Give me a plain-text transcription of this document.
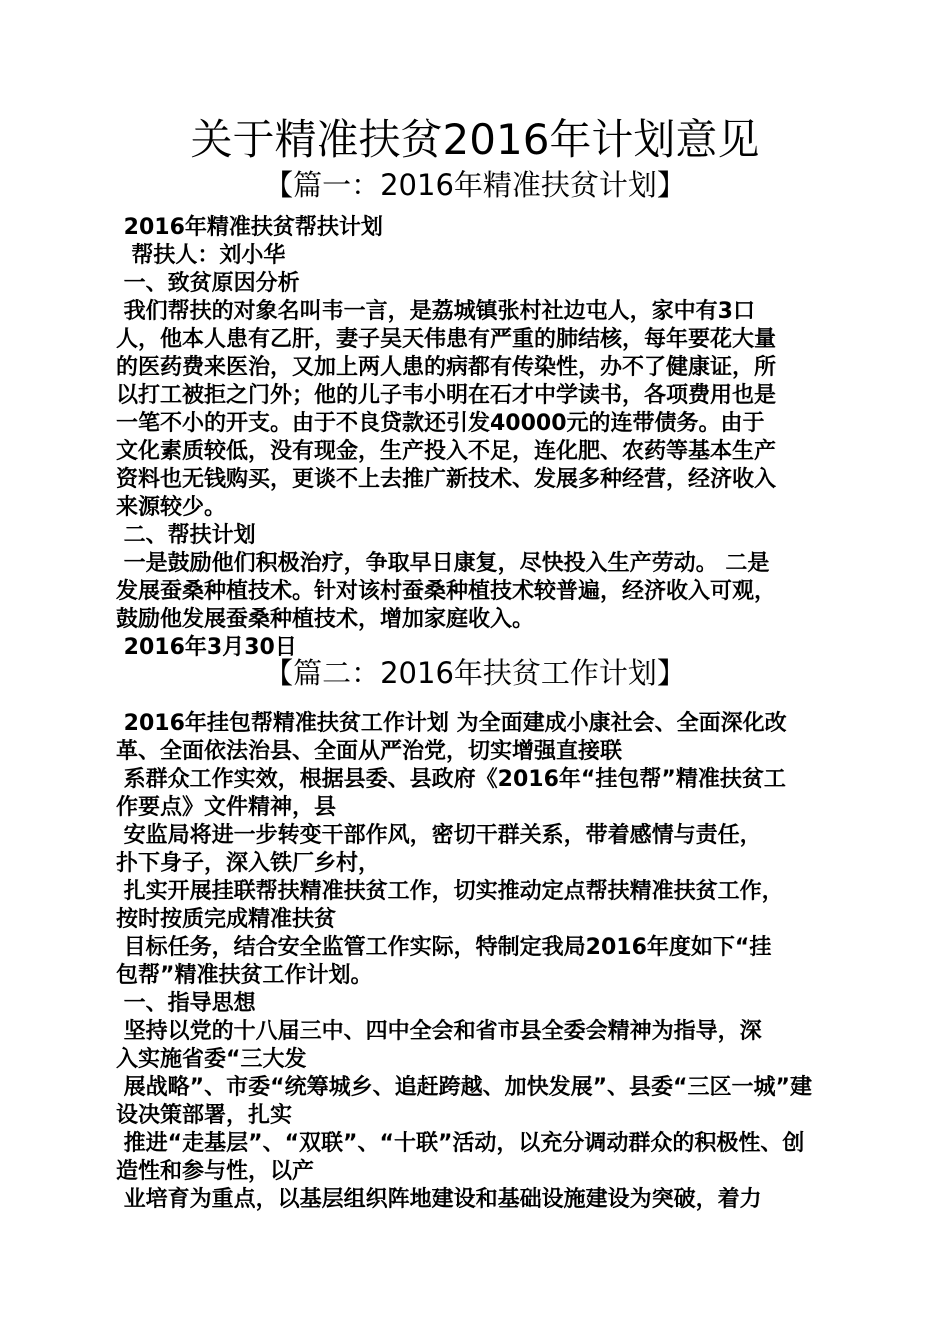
关于精准扶贫2016年计划意见
【篇一：2016年精准扶贫计划】

2016年精准扶贫帮扶计划

帮扶人：刘小华

一、致贫原因分析

我们帮扶的对象名叫韦一言，是荔城镇张村社边屯人，家中有3口

人，他本人患有乙肝，妻子吴天伟患有严重的肺结核，每年要花大量

的医药费来医治，又加上两人患的病都有传染性，办不了健康证，所

以打工被拒之门外；他的儿子韦小明在石才中学读书，各项费用也是

一笔不小的开支。由于不良贷款还引发40000元的连带债务。由于

文化素质较低，没有现金，生产投入不足，连化肥、农药等基本生产

资料也无钱购买，更谈不上去推广新技术、发展多种经营，经济收入

来源较少。

二、帮扶计划

一是鼓励他们积极治疗，争取早日康复，尽快投入生产劳动。 二是

发展蚕桑种植技术。针对该村蚕桑种植技术较普遍，经济收入可观，

鼓励他发展蚕桑种植技术，增加家庭收入。

2016年3月30日

【篇二：2016年扶贫工作计划】

2016年挂包帮精准扶贫工作计划 为全面建成小康社会、全面深化改

革、全面依法治县、全面从严治党，切实增强直接联

系群众工作实效，根据县委、县政府《2016年“挂包帮”精准扶贫工

作要点》文件精神，县

安监局将进一步转变干部作风，密切干群关系，带着感情与责任，

扑下身子，深入铁厂乡村，

扎实开展挂联帮扶精准扶贫工作，切实推动定点帮扶精准扶贫工作，

按时按质完成精准扶贫

目标任务，结合安全监管工作实际，特制定我局2016年度如下“挂

包帮”精准扶贫工作计划。

一、指导思想

坚持以党的十八届三中、四中全会和省市县全委会精神为指导，深

入实施省委“三大发

展战略”、市委“统筹城乡、追赶跨越、加快发展”、县委“三区一城”建

设决策部署，扎实

推进“走基层”、“双联”、“十联”活动，以充分调动群众的积极性、创

造性和参与性，以产

业培育为重点，以基层组织阵地建设和基础设施建设为突破，着力
